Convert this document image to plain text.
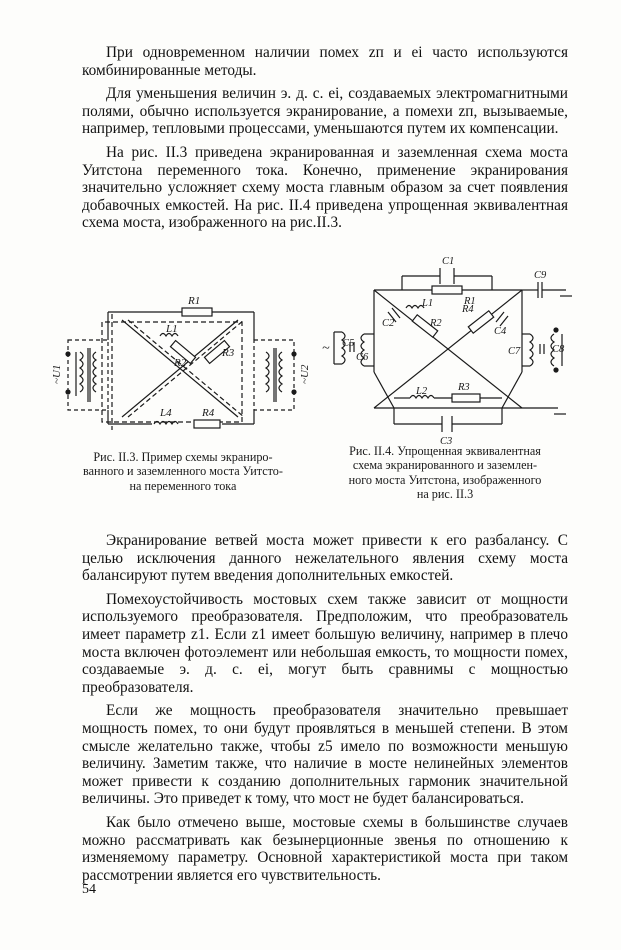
При одновременном наличии помех zп и ei часто используются комбинированные методы.

Для уменьшения величин э. д. с. ei, создаваемых электромагнитными полями, обычно используется экранирование, а помехи zп, вызываемые, например, тепловыми процессами, уменьшаются путем их компенсации.

На рис. II.3 приведена экранированная и заземленная схема моста Уитстона переменного тока. Конечно, применение экранирования значительно усложняет схему моста главным образом за счет появления добавочных емкостей. На рис. II.4 приведена упрощенная эквивалентная схема моста, изображенного на рис.II.3.

R1
R2
R3
R4
L1
L4
~U1	~U2
C1
R1
L1
C2	R2
R4
C4
C5
C6
C7	C8
C9
L2	R3
C3
~
Рис. II.3. Пример схемы экраниро-
ванного и заземленного моста Уитсто-
на переменного тока
Рис. II.4. Упрощенная эквивалентная
схема экранированного и заземлен-
ного моста Уитстона, изображенного
на рис. II.3

Экранирование ветвей моста может привести к его разбалансу. С целью исключения данного нежелательного явления схему моста балансируют путем введения дополнительных емкостей.

Помехоустойчивость мостовых схем также зависит от мощности используемого преобразователя. Предположим, что преобразователь имеет параметр z1. Если z1 имеет большую величину, например в плечо моста включен фотоэлемент или небольшая емкость, то мощности помех, создаваемые э. д. с. ei, могут быть сравнимы с мощностью преобразователя.

Если же мощность преобразователя значительно превышает мощность помех, то они будут проявляться в меньшей степени. В этом смысле желательно также, чтобы z5 имело по возможности меньшую величину. Заметим также, что наличие в мосте нелинейных элементов может привести к созданию дополнительных гармоник значительной величины. Это приведет к тому, что мост не будет балансироваться.

Как было отмечено выше, мостовые схемы в большинстве случаев можно рассматривать как безынерционные звенья по отношению к изменяемому параметру. Основной характеристикой моста при таком рассмотрении является его чувствительность.

54
